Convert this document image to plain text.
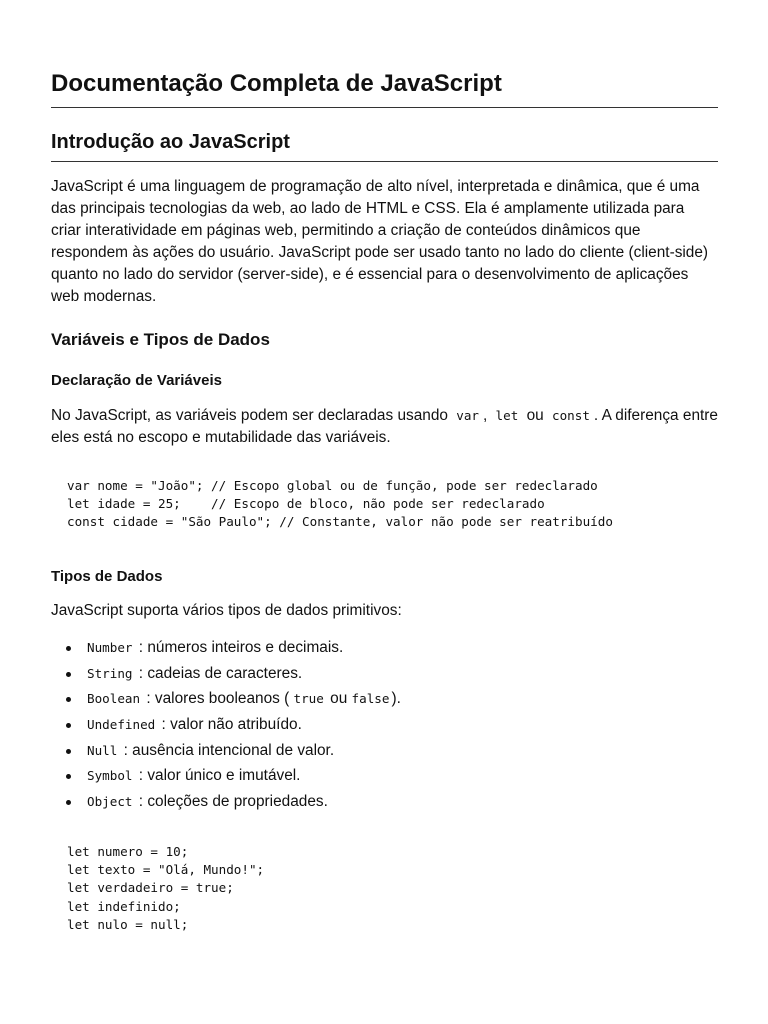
Documentação Completa de JavaScript
Introdução ao JavaScript

JavaScript é uma linguagem de programação de alto nível, interpretada e dinâmica, que é uma das principais tecnologias da web, ao lado de HTML e CSS. Ela é amplamente utilizada para criar interatividade em páginas web, permitindo a criação de conteúdos dinâmicos que respondem às ações do usuário. JavaScript pode ser usado tanto no lado do cliente (client-side) quanto no lado do servidor (server-side), e é essencial para o desenvolvimento de aplicações web modernas.

Variáveis e Tipos de Dados
Declaração de Variáveis

No JavaScript, as variáveis podem ser declaradas usando var , let ou const . A diferença entre eles está no escopo e mutabilidade das variáveis.

var nome = "João"; // Escopo global ou de função, pode ser redeclarado
let idade = 25;    // Escopo de bloco, não pode ser redeclarado
const cidade = "São Paulo"; // Constante, valor não pode ser reatribuído
Tipos de Dados

JavaScript suporta vários tipos de dados primitivos:

Number : números inteiros e decimais.
String : cadeias de caracteres.
Boolean : valores booleanos ( true ou false ).
Undefined : valor não atribuído.
Null : ausência intencional de valor.
Symbol : valor único e imutável.
Object : coleções de propriedades.
let numero = 10;
let texto = "Olá, Mundo!";
let verdadeiro = true;
let indefinido;
let nulo = null;
